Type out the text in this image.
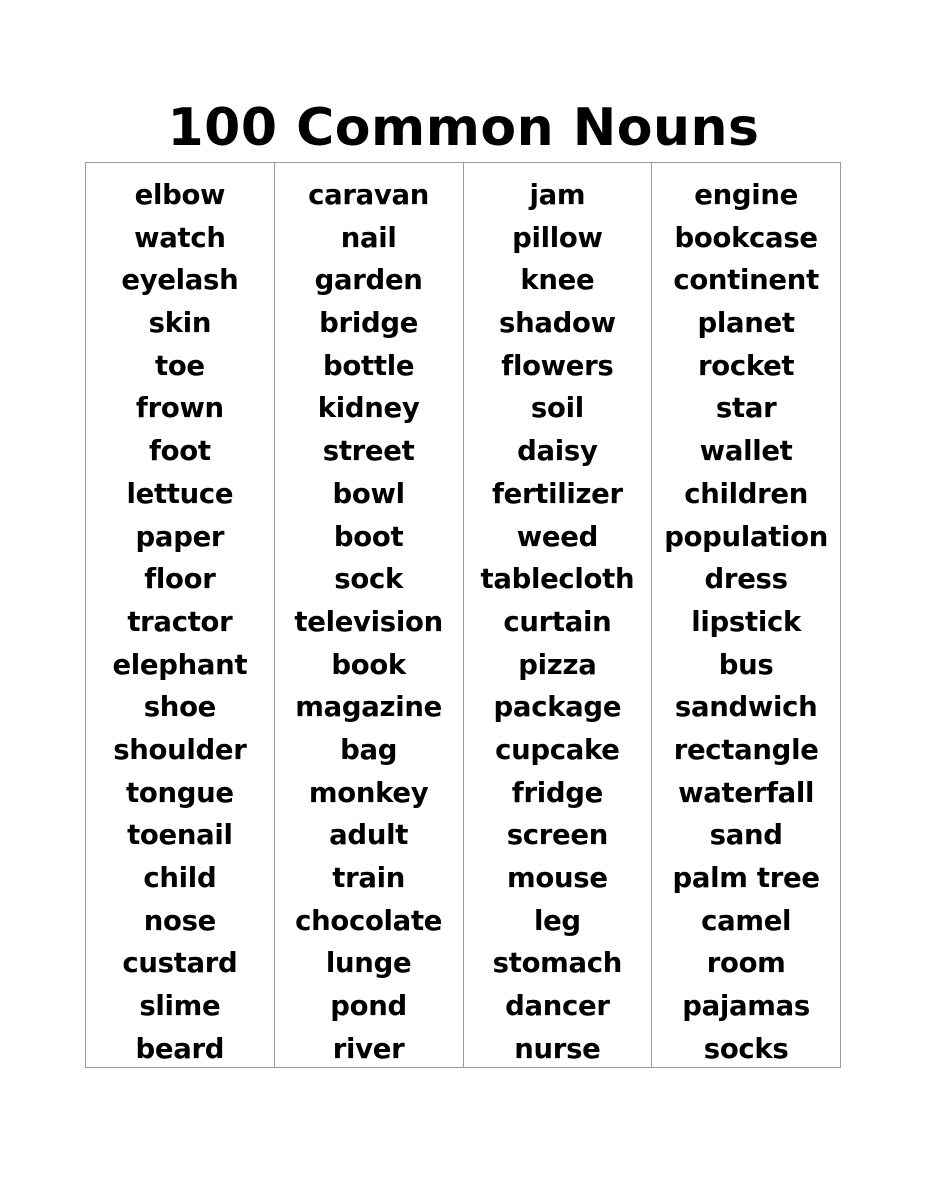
100 Common Nouns
elbow
watch
eyelash
skin
toe
frown
foot
lettuce
paper
floor
tractor
elephant
shoe
shoulder
tongue
toenail
child
nose
custard
slime
beard
caravan
nail
garden
bridge
bottle
kidney
street
bowl
boot
sock
television
book
magazine
bag
monkey
adult
train
chocolate
lunge
pond
river
jam
pillow
knee
shadow
flowers
soil
daisy
fertilizer
weed
tablecloth
curtain
pizza
package
cupcake
fridge
screen
mouse
leg
stomach
dancer
nurse
engine
bookcase
continent
planet
rocket
star
wallet
children
population
dress
lipstick
bus
sandwich
rectangle
waterfall
sand
palm tree
camel
room
pajamas
socks
